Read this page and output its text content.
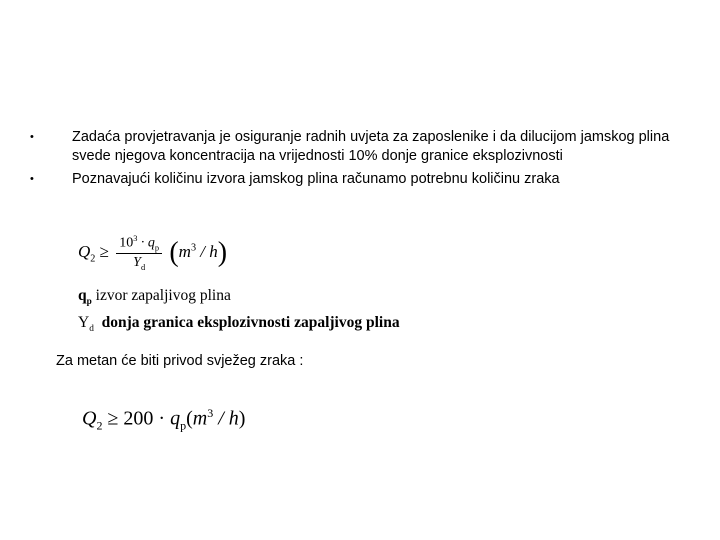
•	Zadaća provjetravanja je osiguranje radnih uvjeta za zaposlenike i da dilucijom jamskog plina svede njegova koncentracija na vrijednosti 10% donje granice eksplozivnosti
•	Poznavajući količinu izvora jamskog plina računamo potrebnu količinu zraka
$Q_2 \ge \frac{10^3 \cdot q_p}{Y_d} (m^3 / h)$
$q_p$ izvor zapaljivog plina
$Y_d$ donja granica eksplozivnosti zapaljivog plina
Za metan će biti privod svježeg zraka :
$Q_2 \ge 200 \cdot q_p(m^3 / h)$
